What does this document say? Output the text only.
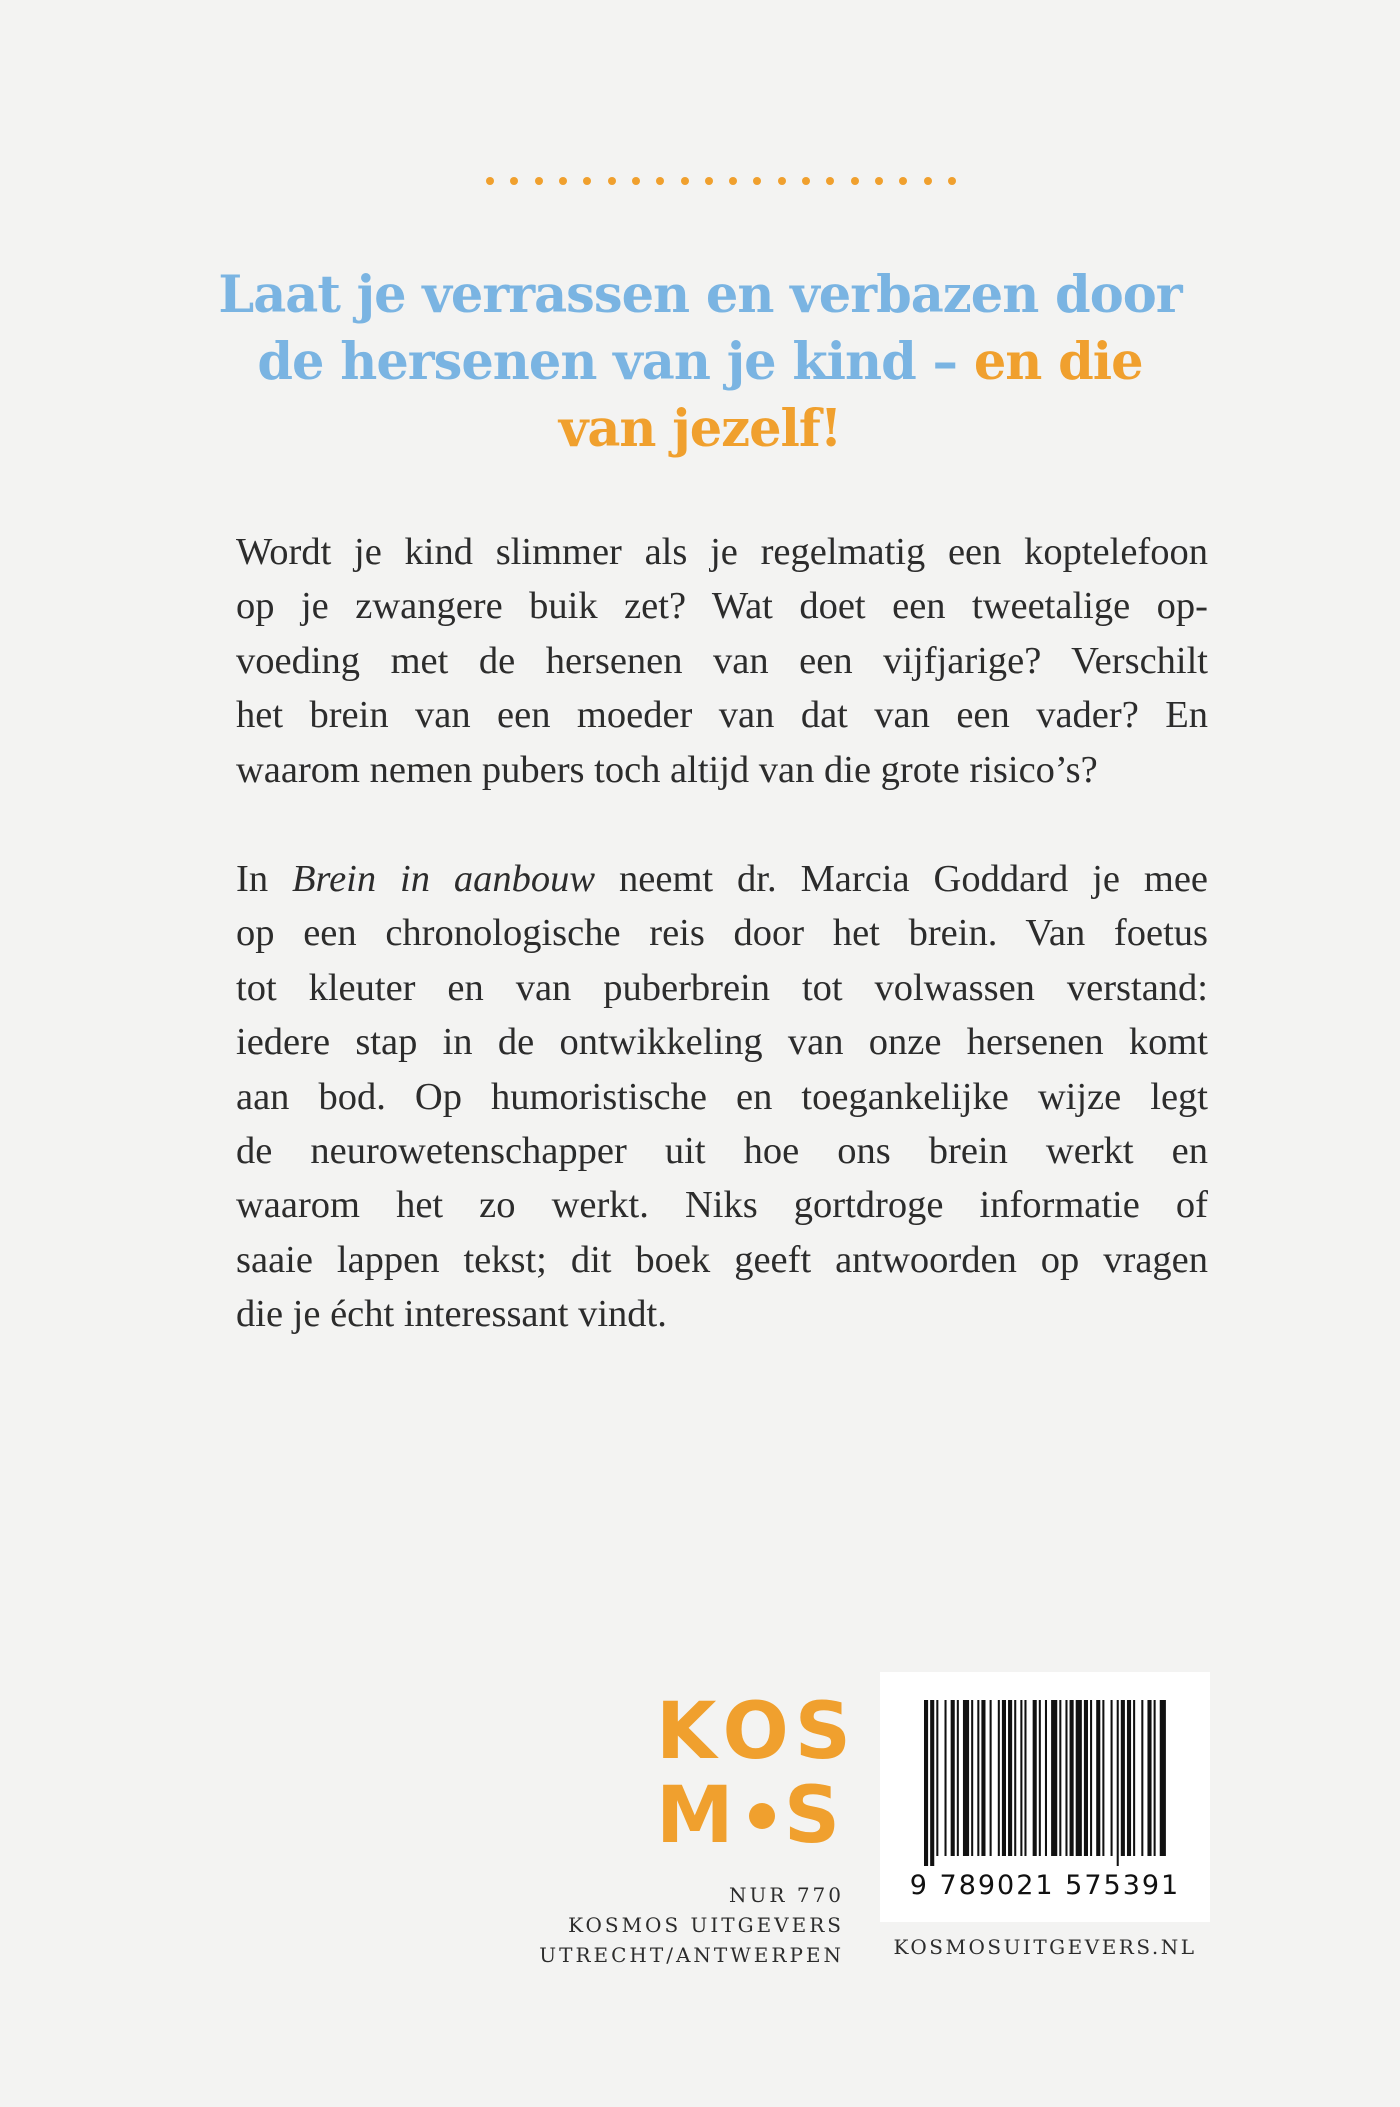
Laat je verrassen en verbazen door
de hersenen van je kind – en die
van jezelf!

Wordt je kind slimmer als je regelmatig een koptelefoon
op je zwangere buik zet? Wat doet een tweetalige op-
voeding met de hersenen van een vijfjarige? Verschilt
het brein van een moeder van dat van een vader? En
waarom nemen pubers toch altijd van die grote risico’s?

In Brein in aanbouw neemt dr. Marcia Goddard je mee
op een chronologische reis door het brein. Van foetus
tot kleuter en van puberbrein tot volwassen verstand:
iedere stap in de ontwikkeling van onze hersenen komt
aan bod. Op humoristische en toegankelijke wijze legt
de neurowetenschapper uit hoe ons brein werkt en
waarom het zo werkt. Niks gortdroge informatie of
saaie lappen tekst; dit boek geeft antwoorden op vragen
die je écht interessant vindt.

K O S
M S
NUR 770
KOSMOS UITGEVERS
UTRECHT/ANTWERPEN
9 789021 575391
KOSMOSUITGEVERS.NL
